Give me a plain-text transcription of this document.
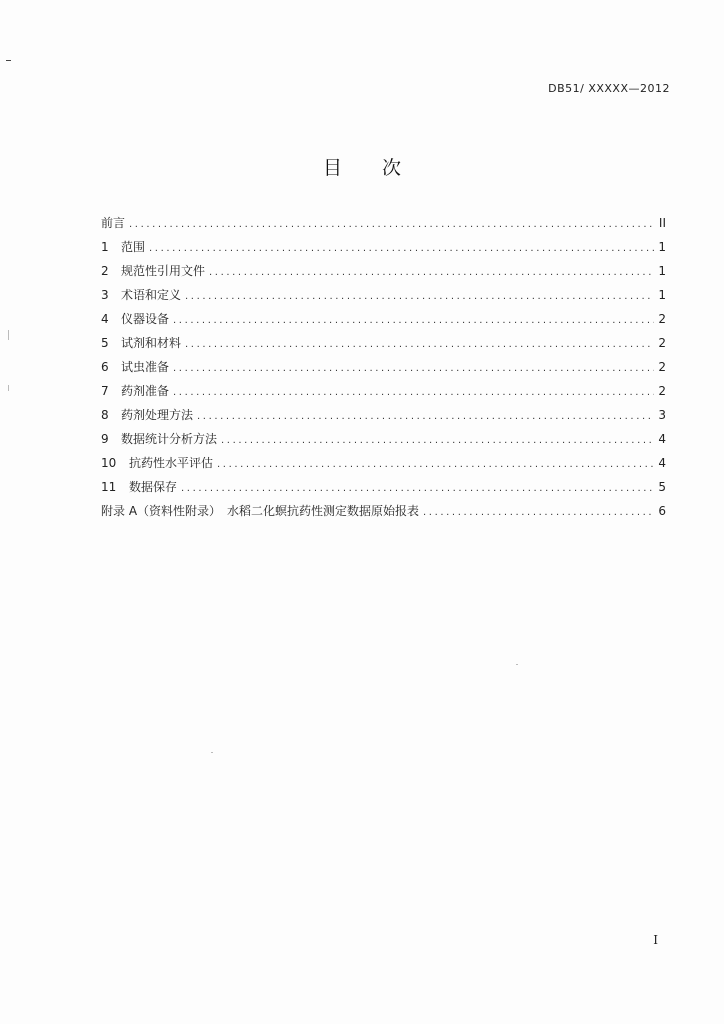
DB51/ XXXXX—2012
目 次
前言 .....	II
1	范围 .....	1
2	规范性引用文件 .....	1
3	术语和定义 .....	1
4	仪器设备 .....	2
5	试剂和材料 .....	2
6	试虫准备 .....	2
7	药剂准备 .....	2
8	药剂处理方法 .....	3
9	数据统计分析方法 .....	4
10	抗药性水平评估 .....	4
11	数据保存 .....	5
附录 A（资料性附录）　水稻二化螟抗药性测定数据原始报表 .....	6
I
